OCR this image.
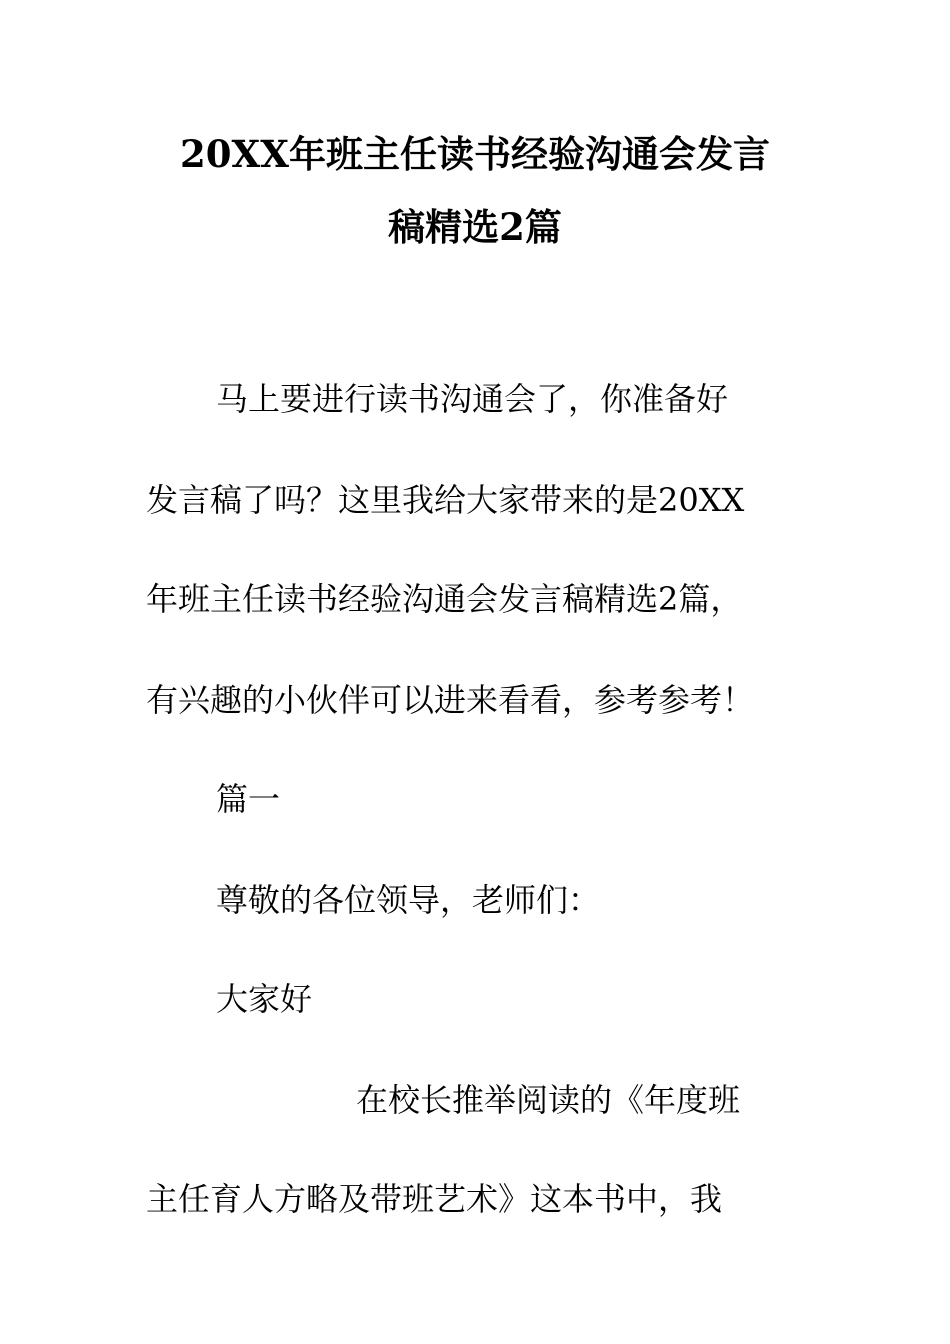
20XX年班主任读书经验沟通会发言
稿精选2篇
马上要进行读书沟通会了，你准备好
发言稿了吗？这里我给大家带来的是20XX
年班主任读书经验沟通会发言稿精选2篇，
有兴趣的小伙伴可以进来看看，参考参考！
篇一
尊敬的各位领导，老师们：
大家好
在校长推举阅读的《年度班
主任育人方略及带班艺术》这本书中，我
